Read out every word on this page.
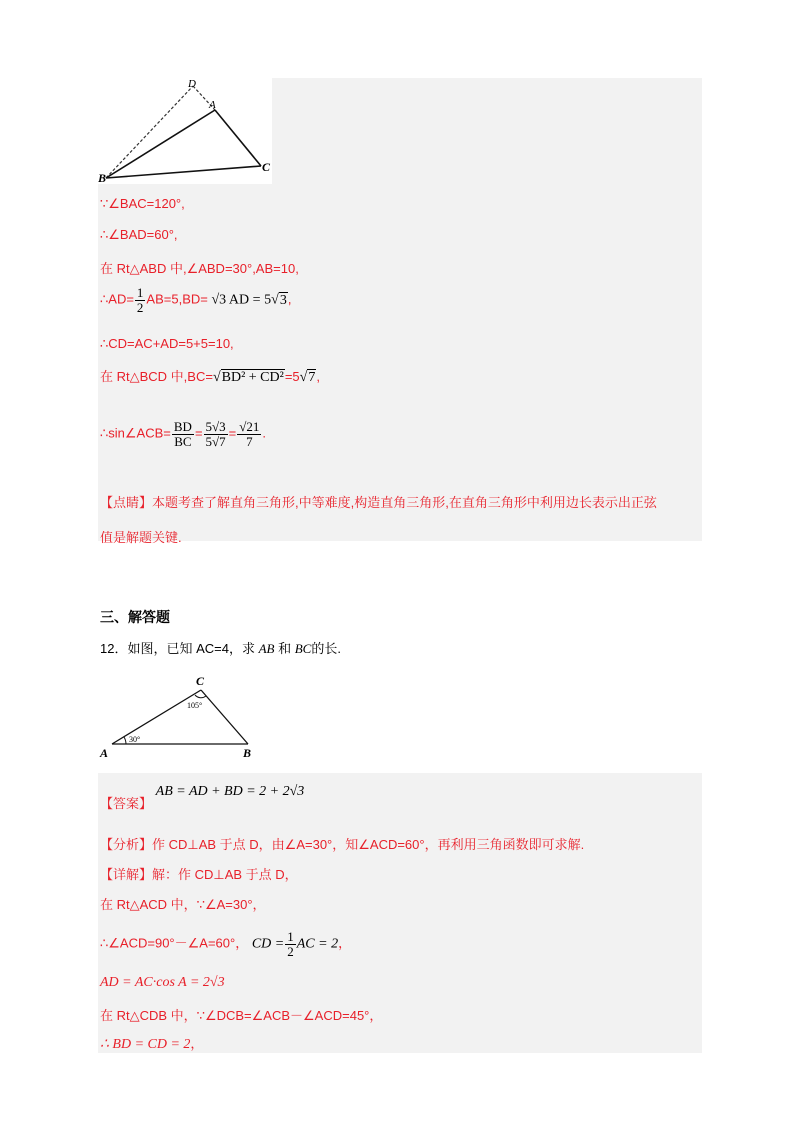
D
A
B
C
∵∠BAC=120°,
∴∠BAD=60°,
在 Rt△ABD 中,∠ABD=30°,AB=10,
∴AD= $\frac{1}{2} AB=5,BD= √3$ AD = 5√3,
∴CD=AC+AD=5+5=10,
在 Rt△BCD 中,BC=√BD² + CD²=5√7,
∴sin∠ACB= $\frac{BD}{BC} = \frac{5√3}{5√7} = \frac{√21}{7}$ .
【点睛】本题考查了解直角三角形,中等难度,构造直角三角形,在直角三角形中利用边长表示出正弦
值是解题关键.
三、解答题
12．如图，已知 AC=4，求 AB 和 BC的长.
C
105°
30°
A	B
【答案】 AB = AD + BD = 2 + 2√3
【分析】作 CD⊥AB 于点 D，由∠A=30°，知∠ACD=60°，再利用三角函数即可求解.
【详解】解：作 CD⊥AB 于点 D，
在 Rt△ACD 中，∵∠A=30°，
∴∠ACD=90°－∠A=60°， CD = $\frac{1}{2}$ AC = 2，
AD = AC·cos A = 2√3
在 Rt△CDB 中，∵∠DCB=∠ACB－∠ACD=45°，
∴ BD = CD = 2，
